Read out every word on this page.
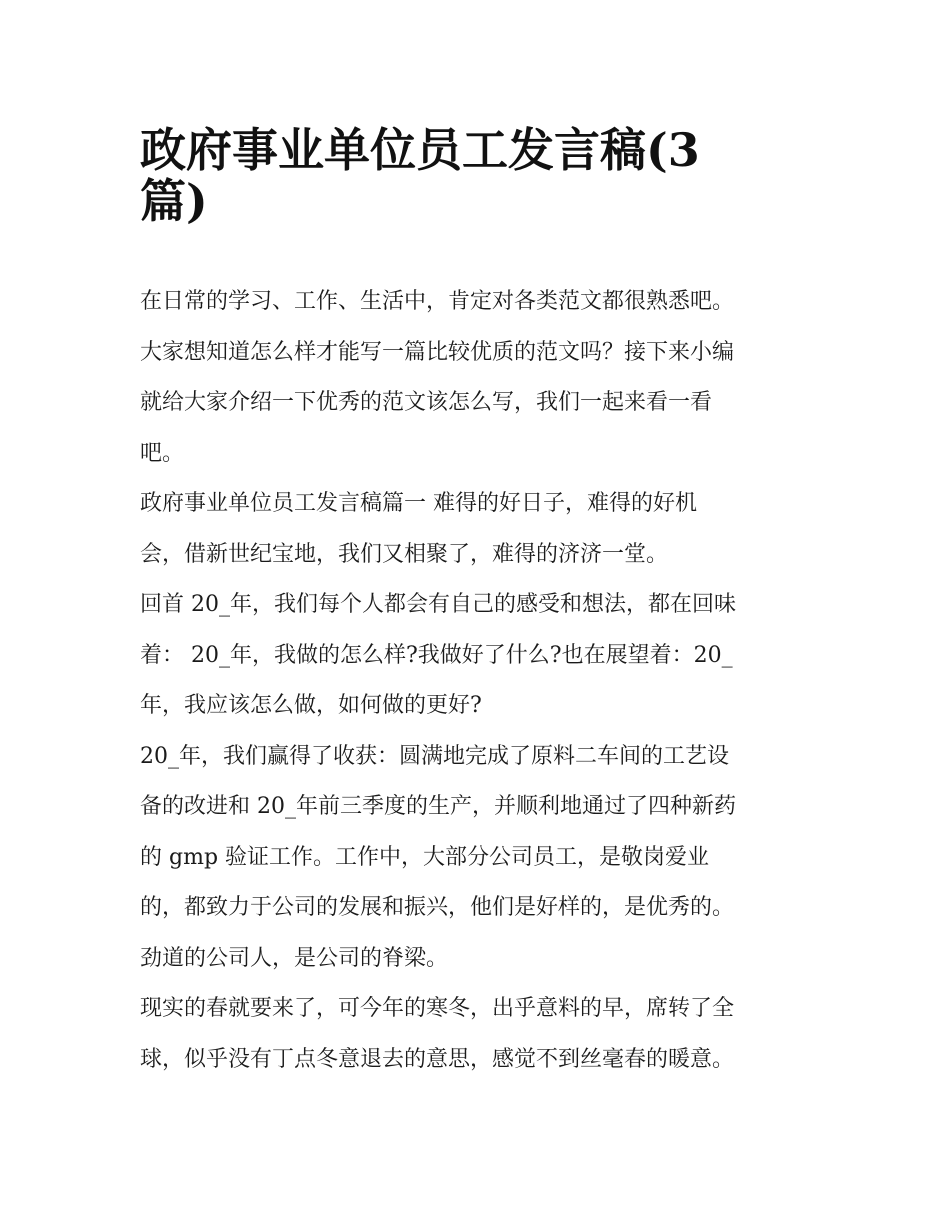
政府事业单位员工发言稿(3
篇)
在日常的学习、工作、生活中，肯定对各类范文都很熟悉吧。
大家想知道怎么样才能写一篇比较优质的范文吗？接下来小编
就给大家介绍一下优秀的范文该怎么写，我们一起来看一看
吧。
政府事业单位员工发言稿篇一 难得的好日子，难得的好机
会，借新世纪宝地，我们又相聚了，难得的济济一堂。
回首 20_年，我们每个人都会有自己的感受和想法，都在回味
着： 20_年，我做的怎么样?我做好了什么?也在展望着：20_
年，我应该怎么做，如何做的更好?
20_年，我们赢得了收获：圆满地完成了原料二车间的工艺设
备的改进和 20_年前三季度的生产，并顺利地通过了四种新药
的 gmp 验证工作。工作中，大部分公司员工，是敬岗爱业
的，都致力于公司的发展和振兴，他们是好样的，是优秀的。
劲道的公司人，是公司的脊梁。
现实的春就要来了，可今年的寒冬，出乎意料的早，席转了全
球，似乎没有丁点冬意退去的意思，感觉不到丝毫春的暖意。
